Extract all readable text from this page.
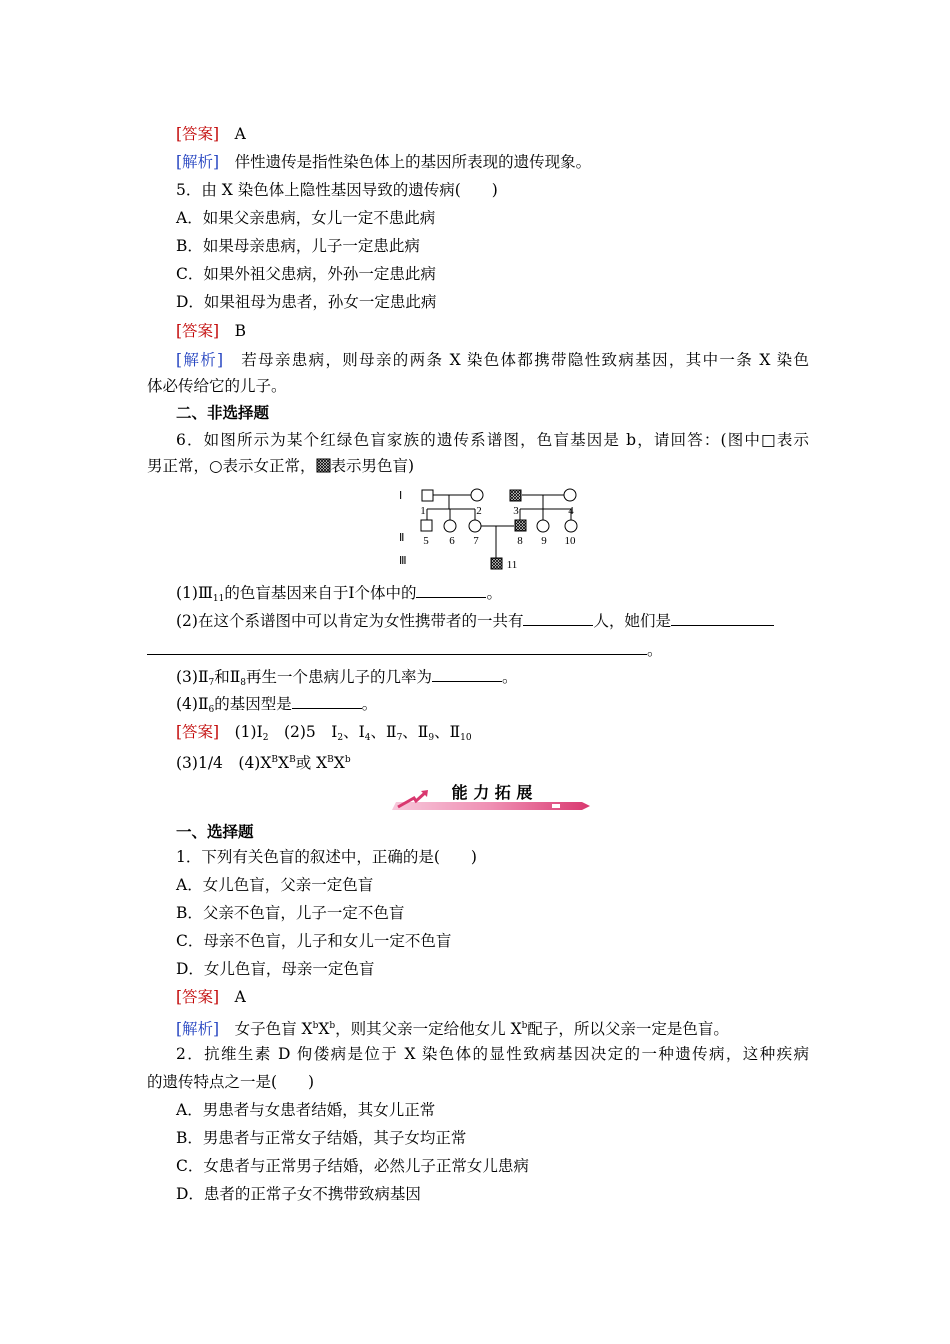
[答案]　 A
[解析]　 伴性遗传是指性染色体上的基因所表现的遗传现象。
5．由 X 染色体上隐性基因导致的遗传病(　　)
A．如果父亲患病，女儿一定不患此病
B．如果母亲患病，儿子一定患此病
C．如果外祖父患病，外孙一定患此病
D．如果祖母为患者，孙女一定患此病
[答案]　 B
[解析]　 若母亲患病，则母亲的两条 X 染色体都携带隐性致病基因，其中一条 X 染色
体必传给它的儿子。
二、非选择题
6．如图所示为某个红绿色盲家族的遗传系谱图，色盲基因是 b，请回答：(图中□表示
男正常，○表示女正常， 表示男色盲)
Ⅰ
Ⅱ
Ⅲ
1	2	3	4
5 6 7	8 9 10
11
$(1)Ⅲ_{11}$的色盲基因来自于Ⅰ个体中的	。
(2)在这个系谱图中可以肯定为女性携带者的一共有	人，她们是
。
$(3)Ⅱ_7$和$Ⅱ_8$再生一个患病儿子的几率为	。
$(4)Ⅱ_6$的基因型是	。
[答案]　 $(1)Ⅰ_2$　 (2)5　$Ⅰ_2$、$Ⅰ_4$、$Ⅱ_7$、$Ⅱ_9$、$Ⅱ_{10}$
(3)1/4　$(4)X^BX^B$或 $X^BX^b$
能 力 拓 展
一、选择题
1．下列有关色盲的叙述中，正确的是(　　)
A．女儿色盲，父亲一定色盲
B．父亲不色盲，儿子一定不色盲
C．母亲不色盲，儿子和女儿一定不色盲
D．女儿色盲，母亲一定色盲
[答案]　 A
[解析]　 女子色盲 $X^bX^b$，则其父亲一定给他女儿 $X^b$配子，所以父亲一定是色盲。
2．抗维生素 D 佝偻病是位于 X 染色体的显性致病基因决定的一种遗传病，这种疾病
的遗传特点之一是(　　)
A．男患者与女患者结婚，其女儿正常
B．男患者与正常女子结婚，其子女均正常
C．女患者与正常男子结婚，必然儿子正常女儿患病
D．患者的正常子女不携带致病基因
